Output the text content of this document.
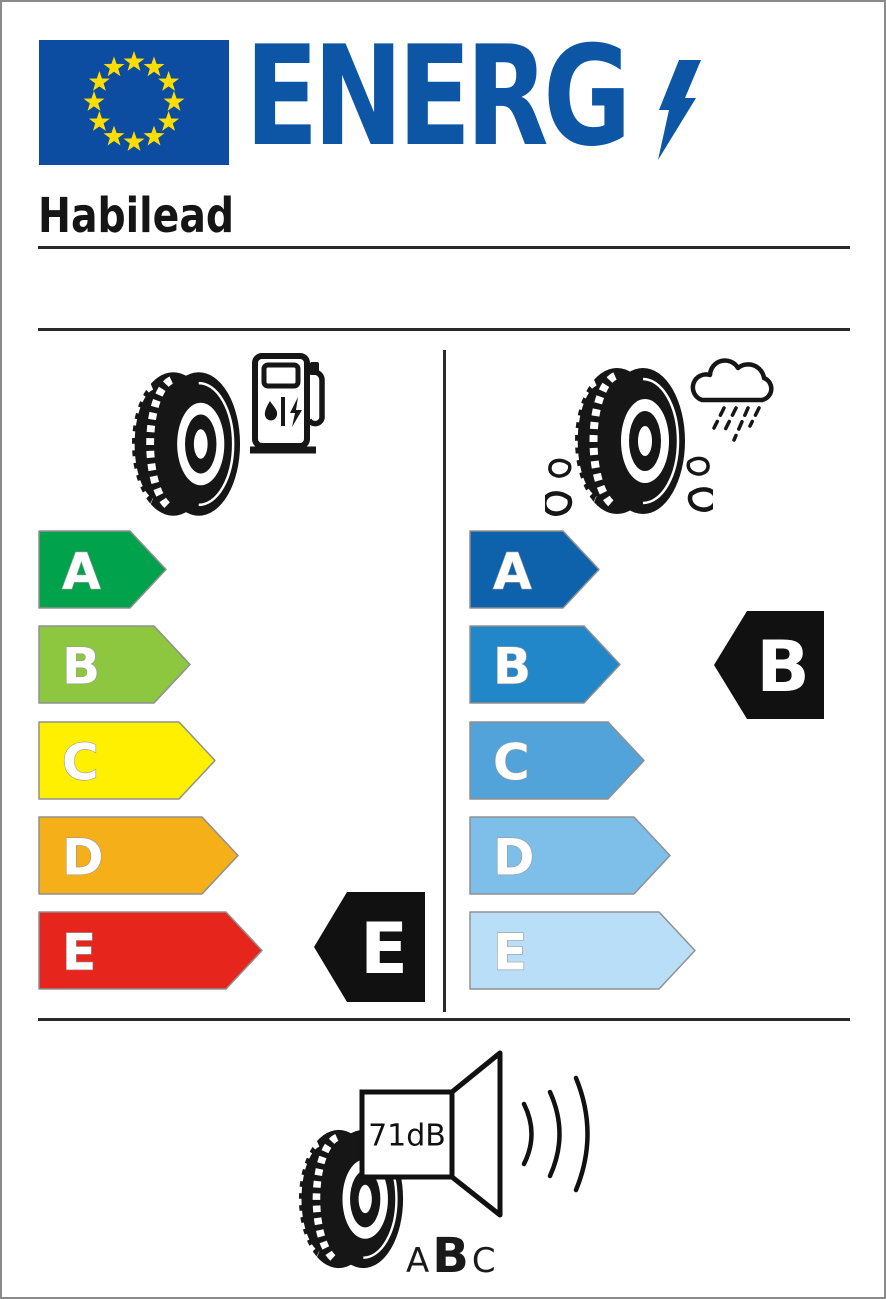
ENERG
Habilead
A
B
C
D
E
A
B
C
D
E
E
B
71dB
A B C
